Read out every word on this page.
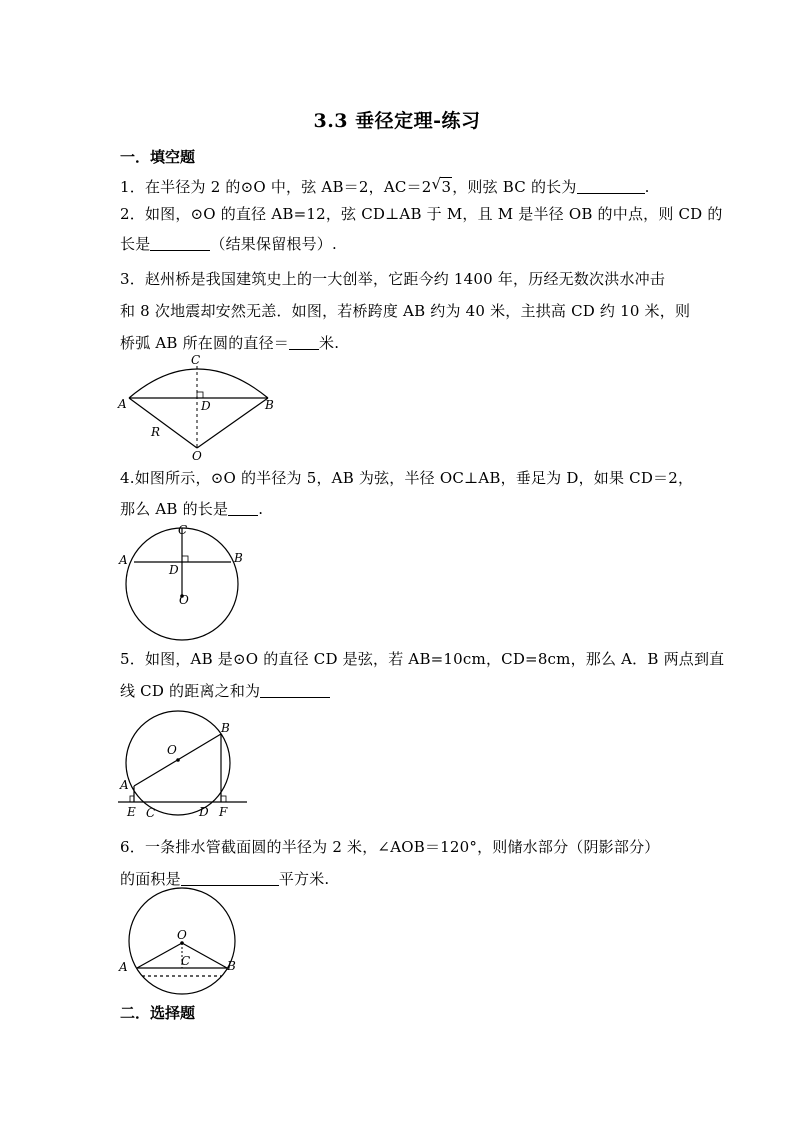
3.3 垂径定理-练习
一．填空题
1．在半径为 2 的⊙O 中，弦 AB＝2，AC＝2 √ 3，则弦 BC 的长为	.
2．如图，⊙O 的直径 AB=12，弦 CD⊥AB 于 M，且 M 是半径 OB 的中点，则 CD 的
长是	（结果保留根号）.
3．赵州桥是我国建筑史上的一大创举，它距今约 1400 年，历经无数次洪水冲击
和 8 次地震却安然无恙．如图，若桥跨度 AB 约为 40 米，主拱高 CD 约 10 米，则
桥弧 AB 所在圆的直径＝ 米.
C
A	D	B
R
O
4.如图所示，⊙O 的半径为 5，AB 为弦，半径 OC⊥AB，垂足为 D，如果 CD＝2，
那么 AB 的长是 .
C
A	B
D
O
5．如图，AB 是⊙O 的直径 CD 是弦，若 AB=10cm，CD=8cm，那么 A．B 两点到直
线 CD 的距离之和为
B
O
A
E C	D F
6．一条排水管截面圆的半径为 2 米，∠AOB＝120°，则储水部分（阴影部分）
的面积是	平方米.
O
A	C	B
二．选择题
